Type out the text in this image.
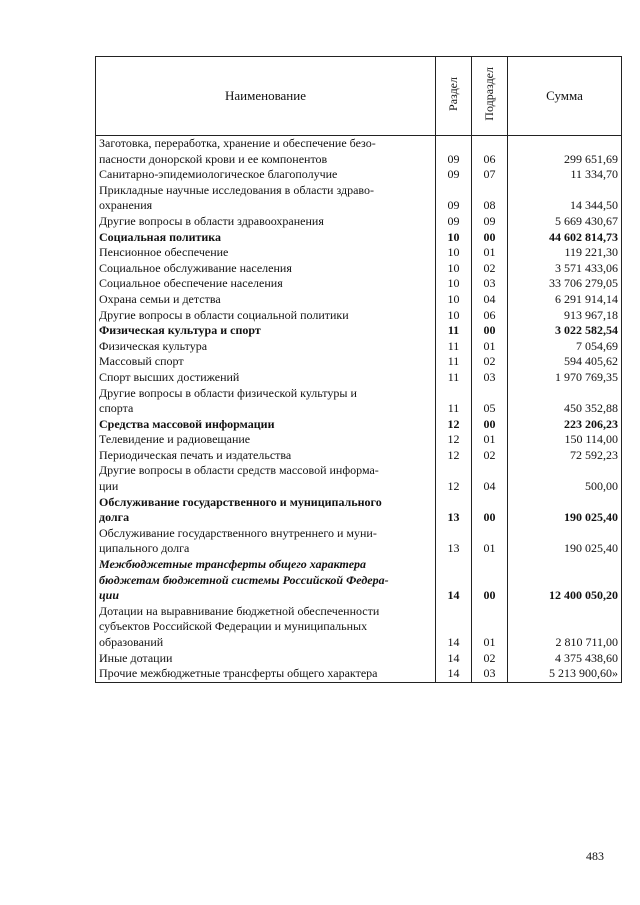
Наименование	Раздел	Подраздел	Сумма
Заготовка, переработка, хранение и обеспечение безо-
пасности донорской крови и ее компонентов	09	06	299 651,69
Санитарно-эпидемиологическое благополучие	09	07	11 334,70
Прикладные научные исследования в области здраво-
охранения	09	08	14 344,50
Другие вопросы в области здравоохранения	09	09	5 669 430,67
Социальная политика	10	00	44 602 814,73
Пенсионное обеспечение	10	01	119 221,30
Социальное обслуживание населения	10	02	3 571 433,06
Социальное обеспечение населения	10	03	33 706 279,05
Охрана семьи и детства	10	04	6 291 914,14
Другие вопросы в области социальной политики	10	06	913 967,18
Физическая культура и спорт	11	00	3 022 582,54
Физическая культура	11	01	7 054,69
Массовый спорт	11	02	594 405,62
Спорт высших достижений	11	03	1 970 769,35
Другие вопросы в области физической культуры и
спорта	11	05	450 352,88
Средства массовой информации	12	00	223 206,23
Телевидение и радиовещание	12	01	150 114,00
Периодическая печать и издательства	12	02	72 592,23
Другие вопросы в области средств массовой информа-
ции	12	04	500,00
Обслуживание государственного и муниципального
долга	13	00	190 025,40
Обслуживание государственного внутреннего и муни-
ципального долга	13	01	190 025,40
Межбюджетные трансферты общего характера
бюджетам бюджетной системы Российской Федера-
ции	14	00	12 400 050,20
Дотации на выравнивание бюджетной обеспеченности
субъектов Российской Федерации и муниципальных
образований	14	01	2 810 711,00
Иные дотации	14	02	4 375 438,60
Прочие межбюджетные трансферты общего характера	14	03	5 213 900,60»
483
